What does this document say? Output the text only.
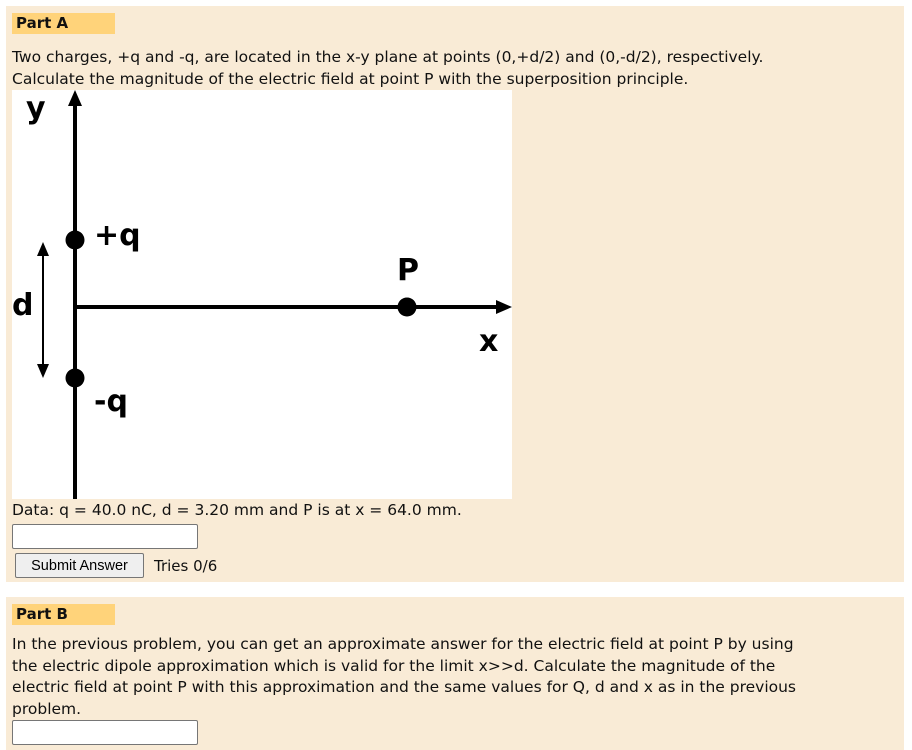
Part A
Two charges, +q and -q, are located in the x-y plane at points (0,+d/2) and (0,-d/2), respectively.
Calculate the magnitude of the electric field at point P with the superposition principle.
y
x
d
+q
-q
P
Data: q = 40.0 nC, d = 3.20 mm and P is at x = 64.0 mm.
Submit Answer	Tries 0/6
Part B
In the previous problem, you can get an approximate answer for the electric field at point P by using
the electric dipole approximation which is valid for the limit x>>d. Calculate the magnitude of the
electric field at point P with this approximation and the same values for Q, d and x as in the previous
problem.
